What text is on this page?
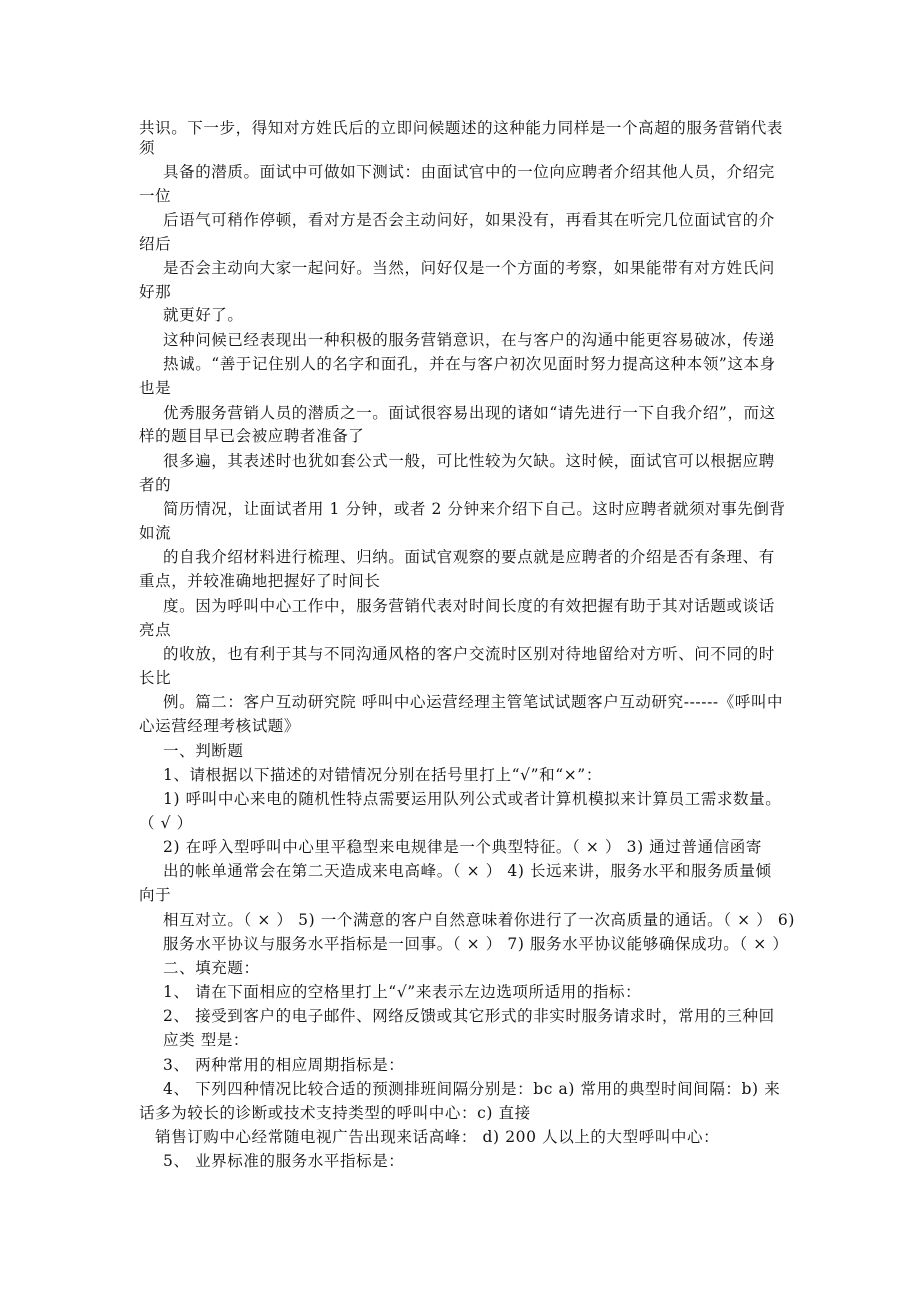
共识。下一步，得知对方姓氏后的立即问候题述的这种能力同样是一个高超的服务营销代表
须
具备的潜质。面试中可做如下测试：由面试官中的一位向应聘者介绍其他人员，介绍完
一位
后语气可稍作停顿，看对方是否会主动问好，如果没有，再看其在听完几位面试官的介
绍后
是否会主动向大家一起问好。当然，问好仅是一个方面的考察，如果能带有对方姓氏问
好那
就更好了。
这种问候已经表现出一种积极的服务营销意识，在与客户的沟通中能更容易破冰，传递
热诚。“善于记住别人的名字和面孔，并在与客户初次见面时努力提高这种本领”这本身
也是
优秀服务营销人员的潜质之一。面试很容易出现的诸如“请先进行一下自我介绍”，而这
样的题目早已会被应聘者准备了
很多遍，其表述时也犹如套公式一般，可比性较为欠缺。这时候，面试官可以根据应聘
者的
简历情况，让面试者用 1 分钟，或者 2 分钟来介绍下自己。这时应聘者就须对事先倒背
如流
的自我介绍材料进行梳理、归纳。面试官观察的要点就是应聘者的介绍是否有条理、有
重点，并较准确地把握好了时间长
度。因为呼叫中心工作中，服务营销代表对时间长度的有效把握有助于其对话题或谈话
亮点
的收放，也有利于其与不同沟通风格的客户交流时区别对待地留给对方听、问不同的时
长比
例。篇二：客户互动研究院 呼叫中心运营经理主管笔试试题客户互动研究------《呼叫中
心运营经理考核试题》
一、判断题
1、请根据以下描述的对错情况分别在括号里打上“√”和“×”：
1) 呼叫中心来电的随机性特点需要运用队列公式或者计算机模拟来计算员工需求数量。
（ √ ）
2) 在呼入型呼叫中心里平稳型来电规律是一个典型特征。（ × ） 3) 通过普通信函寄
出的帐单通常会在第二天造成来电高峰。（ × ） 4) 长远来讲，服务水平和服务质量倾
向于
相互对立。（ × ） 5) 一个满意的客户自然意味着你进行了一次高质量的通话。（ × ） 6)
服务水平协议与服务水平指标是一回事。（ × ） 7) 服务水平协议能够确保成功。（ × ）
二、填充题：
1、 请在下面相应的空格里打上“√”来表示左边选项所适用的指标：
2、 接受到客户的电子邮件、网络反馈或其它形式的非实时服务请求时，常用的三种回
应类 型是：
3、 两种常用的相应周期指标是：
4、 下列四种情况比较合适的预测排班间隔分别是：bc a) 常用的典型时间间隔：b) 来
话多为较长的诊断或技术支持类型的呼叫中心：c) 直接
销售订购中心经常随电视广告出现来话高峰： d) 200 人以上的大型呼叫中心：
5、 业界标准的服务水平指标是：
